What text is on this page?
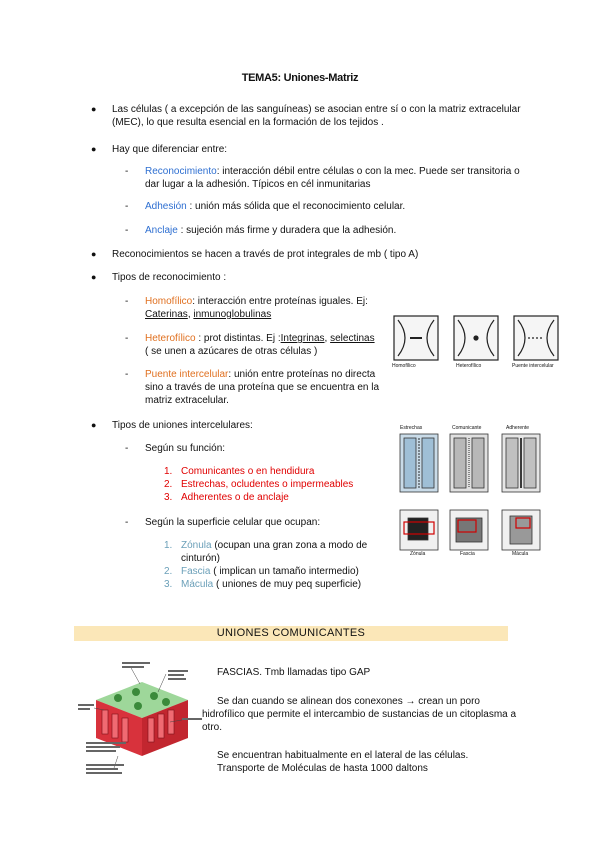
TEMA5: Uniones-Matriz
● Las células ( a excepción de las sanguíneas) se asocian entre sí o con la matriz extracelular (MEC), lo que resulta esencial en la formación de los tejidos .
● Hay que diferenciar entre:
- Reconocimiento: interacción débil entre células o con la mec. Puede ser transitoria o
dar lugar a la adhesión. Típicos en cél inmunitarias
- Adhesión : unión más sólida que el reconocimiento celular.
- Anclaje : sujeción más firme y duradera que la adhesión.
● Reconocimientos se hacen a través de prot integrales de mb ( tipo A)
● Tipos de reconocimiento :
- Homofílico: interacción entre proteínas iguales. Ej:
Caterinas, inmunoglobulinas
- Heterofílico : prot distintas. Ej :Integrinas, selectinas
( se unen a azúcares de otras células )
- Puente intercelular: unión entre proteínas no directa
sino a través de una proteína que se encuentra en la
matriz extracelular.
Homofílico	Heterofílico	Puente intercelular
● Tipos de uniones intercelulares:
- Según su función:
1. Comunicantes o en hendidura
2. Estrechas, ocludentes o impermeables
3. Adherentes o de anclaje
- Según la superficie celular que ocupan:
1. Zónula (ocupan una gran zona a modo de
cinturón)
2. Fascia ( implican un tamaño intermedio)
3. Mácula ( uniones de muy peq superficie)
Estrechas	Comunicante	Adherente
Zónula	Fascia	Mácula
UNIONES COMUNICANTES
FASCIAS. Tmb llamadas tipo GAP
Se dan cuando se alinean dos conexones → crean un poro
hidrofílico que permite el intercambio de sustancias de un citoplasma a
otro.
Se encuentran habitualmente en el lateral de las células.
Transporte de Moléculas de hasta 1000 daltons
